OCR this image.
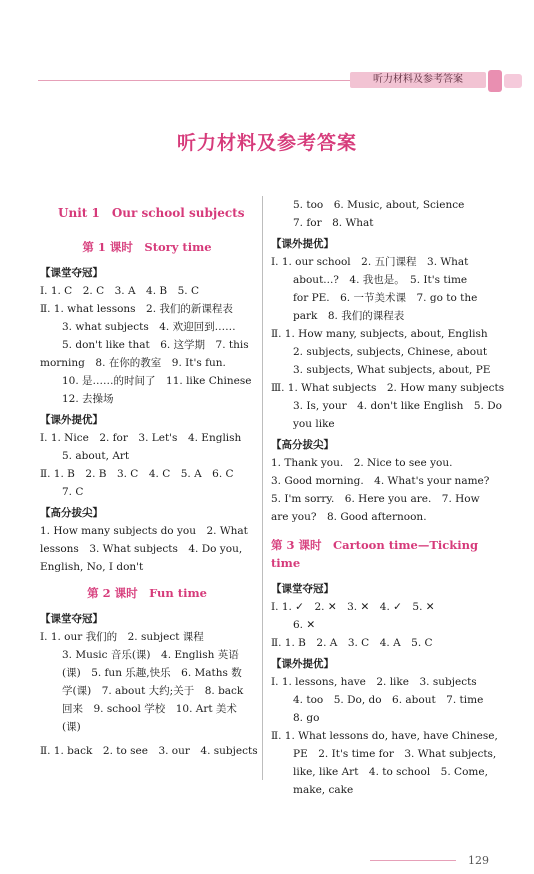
听力材料及参考答案
听力材料及参考答案
Unit 1　Our school subjects
第 1 课时　Story time
【课堂夺冠】
Ⅰ. 1. C　2. C　3. A　4. B　5. C
Ⅱ. 1. what lessons　2. 我们的新课程表
3. what subjects　4. 欢迎回到……
5. don't like that　6. 这学期　7. this
morning　8. 在你的教室　9. It's fun.
10. 是……的时间了　11. like Chinese
12. 去操场
【课外提优】
Ⅰ. 1. Nice　2. for　3. Let's　4. English
5. about, Art
Ⅱ. 1. B　2. B　3. C　4. C　5. A　6. C
7. C
【高分拔尖】
1. How many subjects do you　2. What
lessons　3. What subjects　4. Do you,
English, No, I don't
第 2 课时　Fun time
【课堂夺冠】
Ⅰ. 1. our 我们的　2. subject 课程
3. Music 音乐(课)　4. English 英语
(课)　5. fun 乐趣,快乐　6. Maths 数
学(课)　7. about 大约;关于　8. back
回来　9. school 学校　10. Art 美术
(课)
Ⅱ. 1. back　2. to see　3. our　4. subjects
5. too　6. Music, about, Science
7. for　8. What
【课外提优】
Ⅰ. 1. our school　2. 五门课程　3. What
about...?　4. 我也是。　5. It's time
for PE.　6. 一节美术课　7. go to the
park　8. 我们的课程表
Ⅱ. 1. How many, subjects, about, English
2. subjects, subjects, Chinese, about
3. subjects, What subjects, about, PE
Ⅲ. 1. What subjects　2. How many subjects
3. Is, your　4. don't like English　5. Do
you like
【高分拔尖】
1. Thank you.　2. Nice to see you.
3. Good morning.　4. What's your name?
5. I'm sorry.　6. Here you are.　7. How
are you?　8. Good afternoon.
第 3 课时　Cartoon time—Ticking time
【课堂夺冠】
Ⅰ. 1. ✓　2. ✕　3. ✕　4. ✓　5. ✕
6. ✕
Ⅱ. 1. B　2. A　3. C　4. A　5. C
【课外提优】
Ⅰ. 1. lessons, have　2. like　3. subjects
4. too　5. Do, do　6. about　7. time
8. go
Ⅱ. 1. What lessons do, have, have Chinese,
PE　2. It's time for　3. What subjects,
like, like Art　4. to school　5. Come,
make, cake
129
